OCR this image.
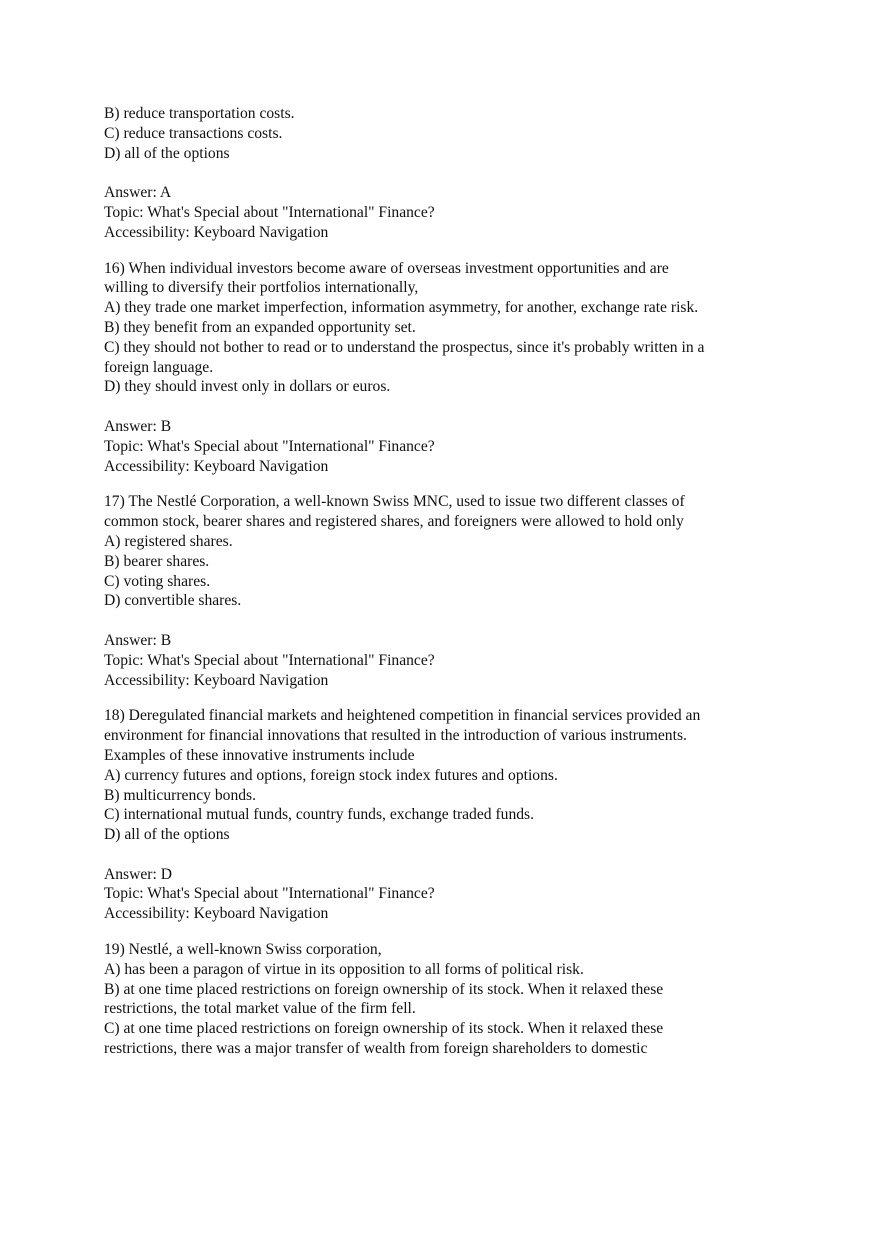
B) reduce transportation costs.
C) reduce transactions costs.
D) all of the options
Answer: A
Topic: What's Special about "International" Finance?
Accessibility: Keyboard Navigation
16) When individual investors become aware of overseas investment opportunities and are
willing to diversify their portfolios internationally,
A) they trade one market imperfection, information asymmetry, for another, exchange rate risk.
B) they benefit from an expanded opportunity set.
C) they should not bother to read or to understand the prospectus, since it's probably written in a
foreign language.
D) they should invest only in dollars or euros.
Answer: B
Topic: What's Special about "International" Finance?
Accessibility: Keyboard Navigation
17) The Nestlé Corporation, a well-known Swiss MNC, used to issue two different classes of
common stock, bearer shares and registered shares, and foreigners were allowed to hold only
A) registered shares.
B) bearer shares.
C) voting shares.
D) convertible shares.
Answer: B
Topic: What's Special about "International" Finance?
Accessibility: Keyboard Navigation
18) Deregulated financial markets and heightened competition in financial services provided an
environment for financial innovations that resulted in the introduction of various instruments.
Examples of these innovative instruments include
A) currency futures and options, foreign stock index futures and options.
B) multicurrency bonds.
C) international mutual funds, country funds, exchange traded funds.
D) all of the options
Answer: D
Topic: What's Special about "International" Finance?
Accessibility: Keyboard Navigation
19) Nestlé, a well-known Swiss corporation,
A) has been a paragon of virtue in its opposition to all forms of political risk.
B) at one time placed restrictions on foreign ownership of its stock. When it relaxed these
restrictions, the total market value of the firm fell.
C) at one time placed restrictions on foreign ownership of its stock. When it relaxed these
restrictions, there was a major transfer of wealth from foreign shareholders to domestic
